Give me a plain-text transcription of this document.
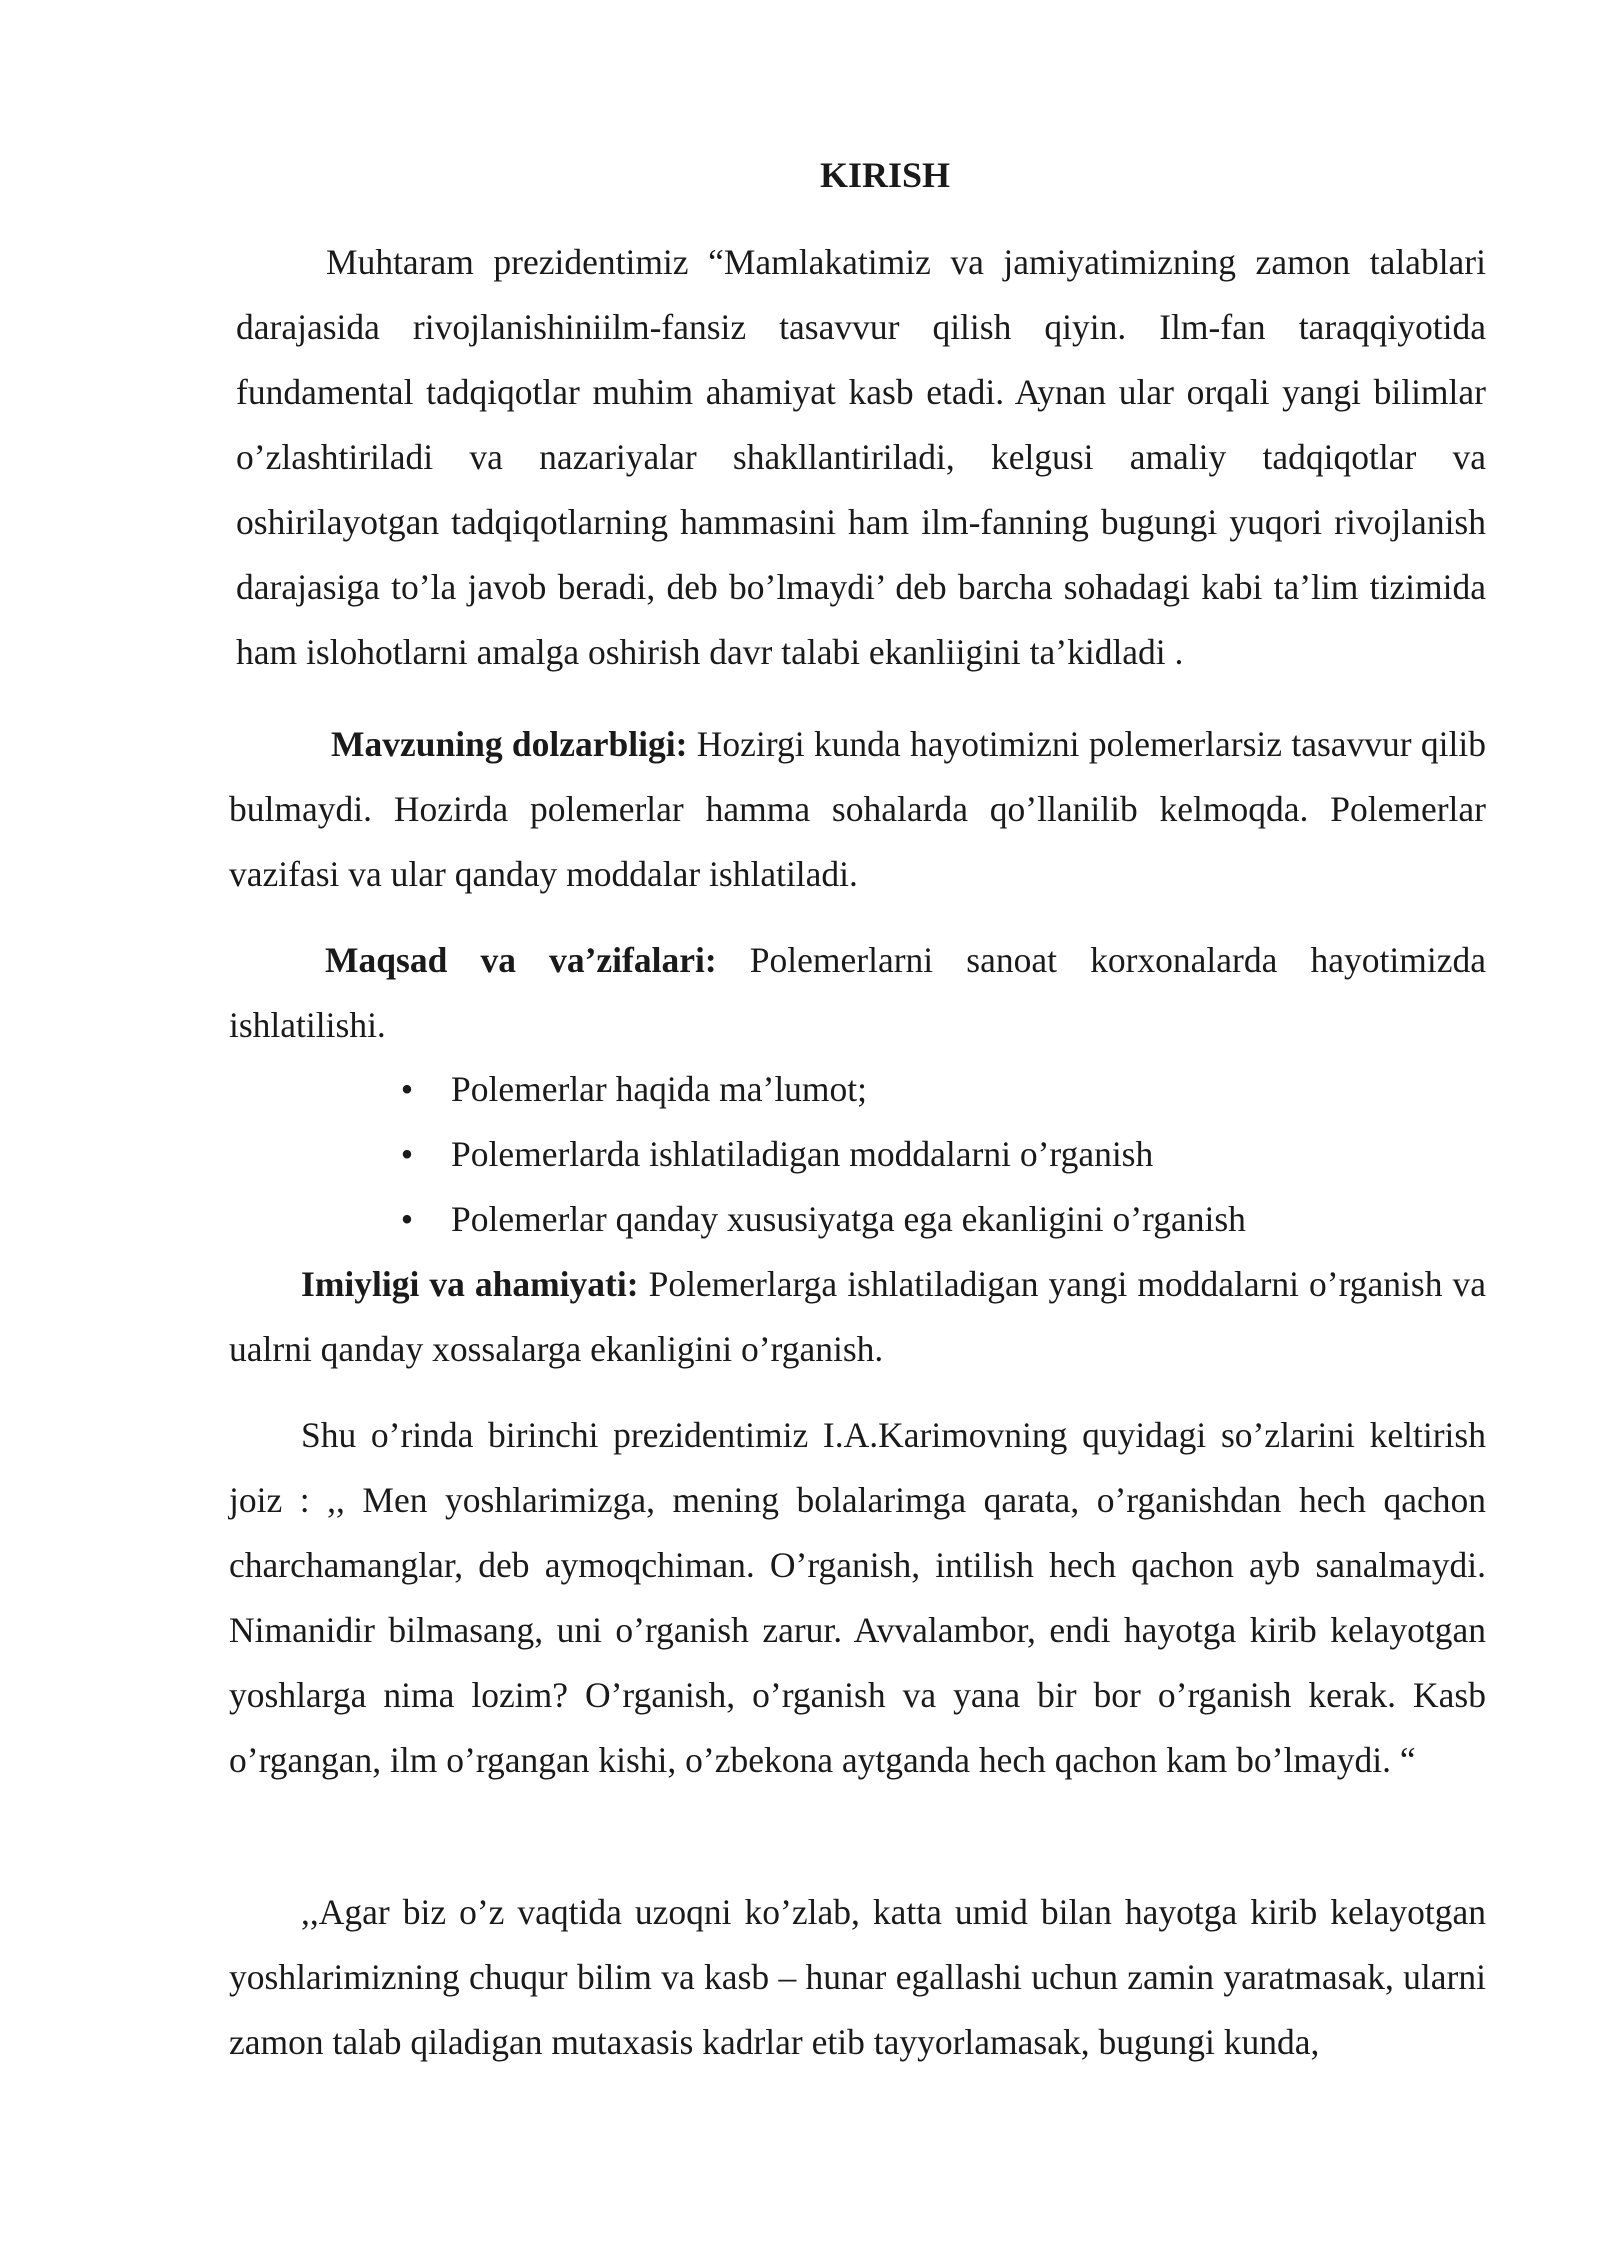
KIRISH

Muhtaram prezidentimiz “Mamlakatimiz va jamiyatimizning zamon talablari darajasida rivojlanishiniilm-fansiz tasavvur qilish qiyin. Ilm-fan taraqqiyotida fundamental tadqiqotlar muhim ahamiyat kasb etadi. Aynan ular orqali yangi bilimlar o’zlashtiriladi va nazariyalar shakllantiriladi, kelgusi amaliy tadqiqotlar va oshirilayotgan tadqiqotlarning hammasini ham ilm-fanning bugungi yuqori rivojlanish darajasiga to’la javob beradi, deb bo’lmaydi’ deb barcha sohadagi kabi ta’lim tizimida ham islohotlarni amalga oshirish davr talabi ekanliigini ta’kidladi .

Mavzuning dolzarbligi: Hozirgi kunda hayotimizni polemerlarsiz tasavvur qilib bulmaydi. Hozirda polemerlar hamma sohalarda qo’llanilib kelmoqda. Polemerlar vazifasi va ular qanday moddalar ishlatiladi.

Maqsad va va’zifalari: Polemerlarni sanoat korxonalarda hayotimizda ishlatilishi.

• Polemerlar haqida ma’lumot;
• Polemerlarda ishlatiladigan moddalarni o’rganish
• Polemerlar qanday xususiyatga ega ekanligini o’rganish

Imiyligi va ahamiyati: Polemerlarga ishlatiladigan yangi moddalarni o’rganish va ualrni qanday xossalarga ekanligini o’rganish.

Shu o’rinda birinchi prezidentimiz I.A.Karimovning quyidagi so’zlarini keltirish joiz : ,, Men yoshlarimizga, mening bolalarimga qarata, o’rganishdan hech qachon charchamanglar, deb aymoqchiman. O’rganish, intilish hech qachon ayb sanalmaydi. Nimanidir bilmasang, uni o’rganish zarur. Avvalambor, endi hayotga kirib kelayotgan yoshlarga nima lozim? O’rganish, o’rganish va yana bir bor o’rganish kerak. Kasb o’rgangan, ilm o’rgangan kishi, o’zbekona aytganda hech qachon kam bo’lmaydi. “

,,Agar biz o’z vaqtida uzoqni ko’zlab, katta umid bilan hayotga kirib kelayotgan yoshlarimizning chuqur bilim va kasb – hunar egallashi uchun zamin yaratmasak, ularni zamon talab qiladigan mutaxasis kadrlar etib tayyorlamasak, bugungi kunda,
